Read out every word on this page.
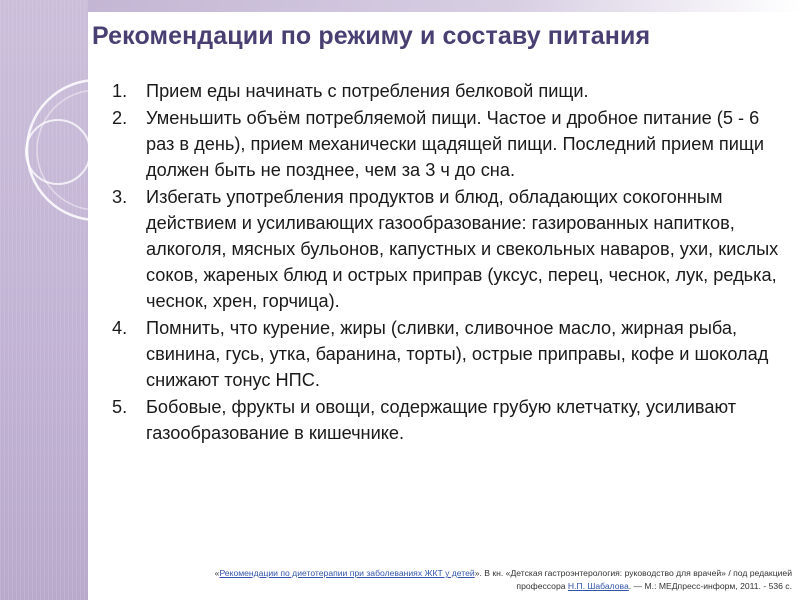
Рекомендации по режиму и составу питания
1. Прием еды начинать с потребления белковой пищи.
2. Уменьшить объём потребляемой пищи. Частое и дробное питание (5 - 6 раз в день), прием механически щадящей пищи. Последний прием пищи должен быть не позднее, чем за 3 ч до сна.
3. Избегать употребления продуктов и блюд, обладающих сокогонным действием и усиливающих газообразование: газированных напитков, алкоголя, мясных бульонов, капустных и свекольных наваров, ухи, кислых соков, жареных блюд и острых приправ (уксус, перец, чеснок, лук, редька, чеснок, хрен, горчица).
4. Помнить, что курение, жиры (сливки, сливочное масло, жирная рыба, свинина, гусь, утка, баранина, торты), острые приправы, кофе и шоколад снижают тонус НПС.
5. Бобовые, фрукты и овощи, содержащие грубую клетчатку, усиливают газообразование в кишечнике.
«Рекомендации по диетотерапии при заболеваниях ЖКТ у детей». В кн. «Детская гастроэнтерология: руководство для врачей» / под редакцией
профессора Н.П. Шабалова. — М.: МЕДпресс-информ, 2011. - 536 с.
